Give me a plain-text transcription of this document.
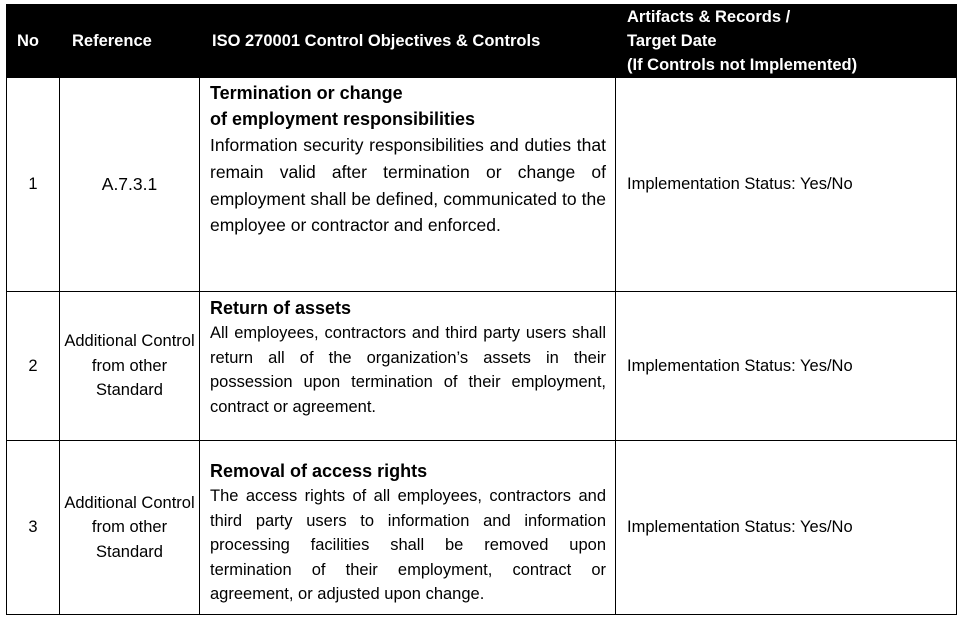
No	Reference	ISO 270001 Control Objectives & Controls	Artifacts & Records /
Target Date
(If Controls not Implemented)

1	A.7.3.1	Termination or change
of employment responsibilities
Information security responsibilities and duties that remain valid after termination or change of employment shall be defined, communicated to the employee or contractor and enforced.	Implementation Status: Yes/No
2	Additional Control from other Standard	Return of assets
All employees, contractors and third party users shall return all of the organization’s assets in their possession upon termination of their employment, contract or agreement.	Implementation Status: Yes/No
3	Additional Control from other Standard	Removal of access rights
The access rights of all employees, contractors and third party users to information and information processing facilities shall be removed upon termination of their employment, contract or agreement, or adjusted upon change.	Implementation Status: Yes/No
